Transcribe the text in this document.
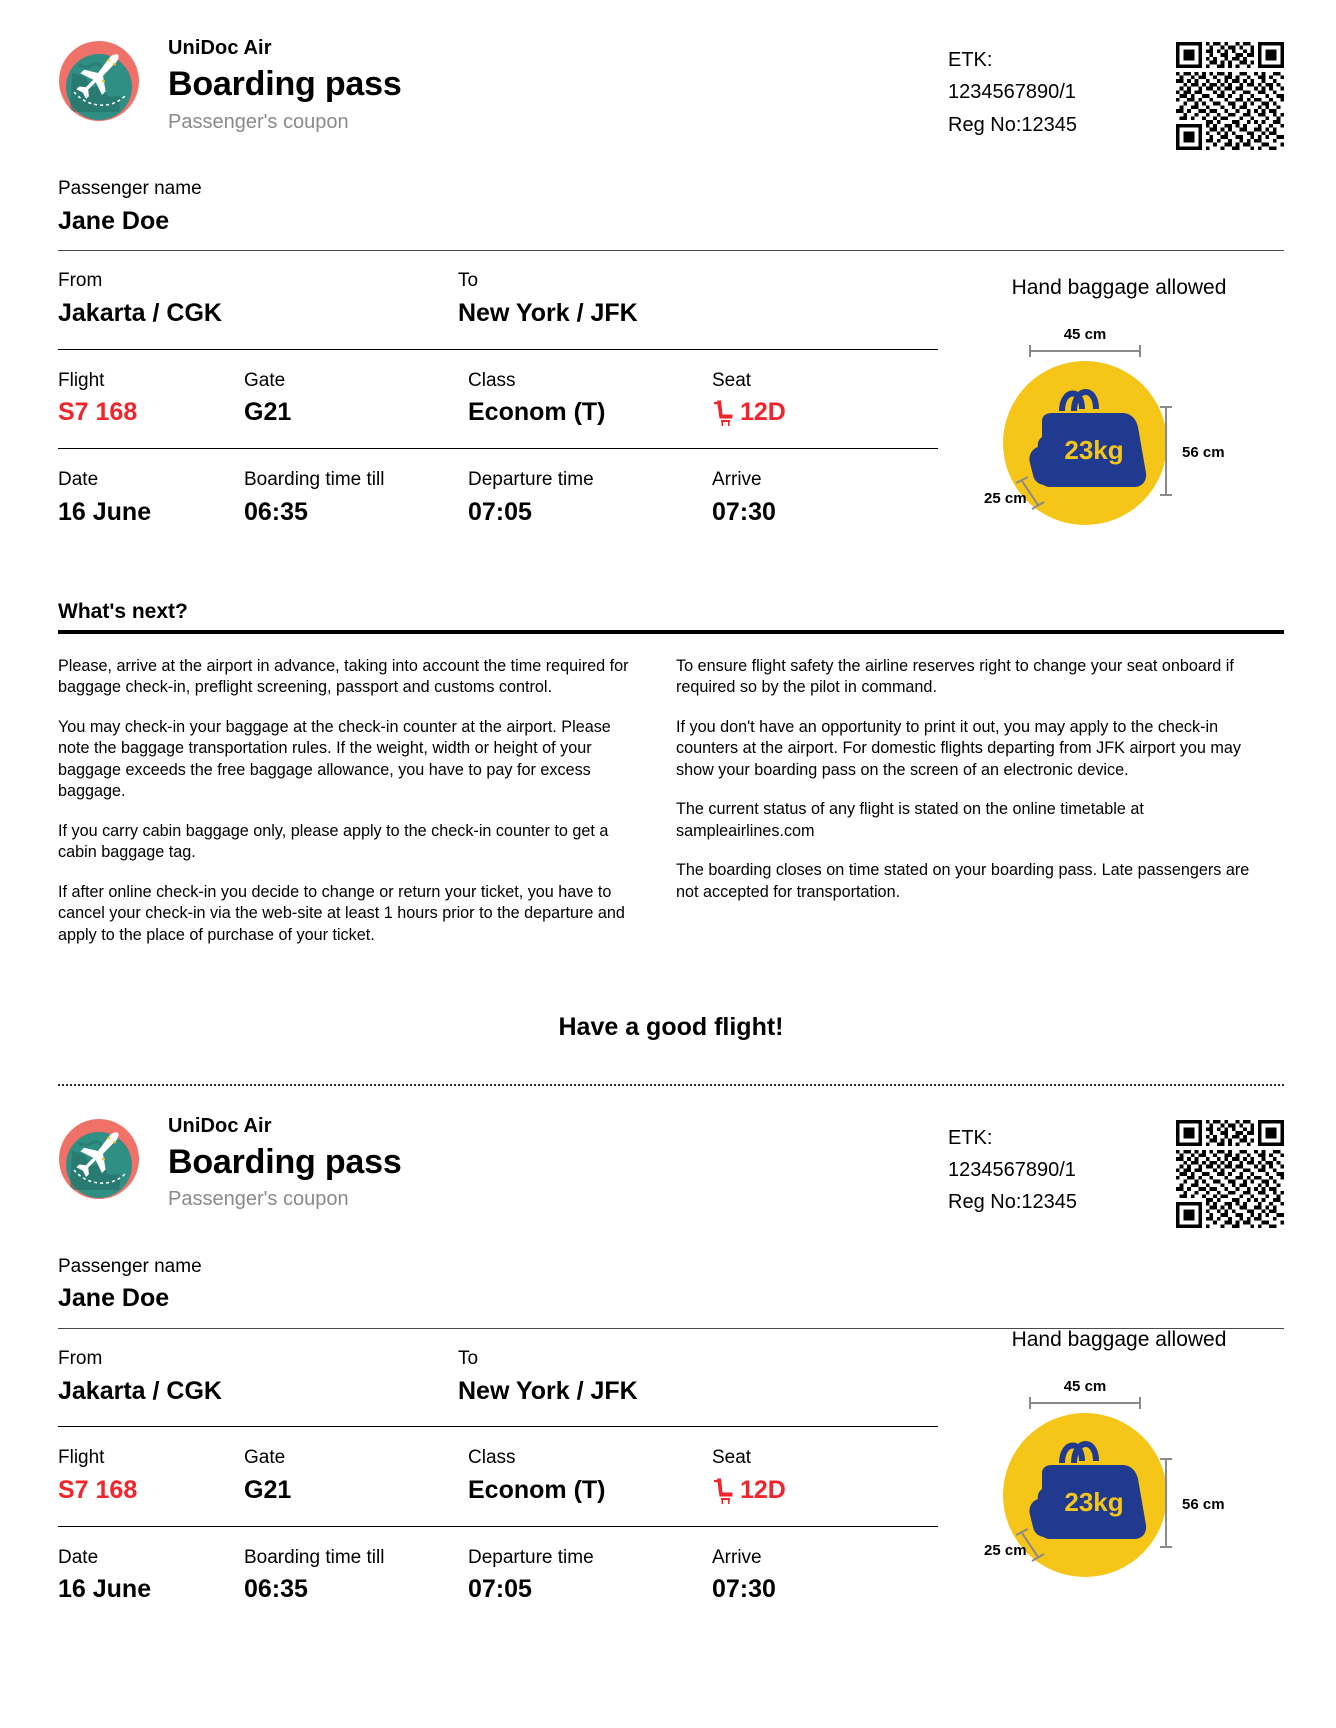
UniDoc Air
Boarding pass
Passenger's coupon
ETK:
1234567890/1
Reg No:12345
Passenger name
Jane Doe
From
Jakarta / CGK
To
New York / JFK
Flight
S7 168
Gate
G21
Class
Econom (T)
Seat
12D
Date
16 June
Boarding time till
06:35
Departure time
07:05
Arrive
07:30
Hand baggage allowed
45 cm
23kg	56 cm
25 cm
What's next?

Please, arrive at the airport in advance, taking into account the time required for baggage check-in, preflight screening, passport and customs control.

You may check-in your baggage at the check-in counter at the airport. Please note the baggage transportation rules. If the weight, width or height of your baggage exceeds the free baggage allowance, you have to pay for excess baggage.

If you carry cabin baggage only, please apply to the check-in counter to get a cabin baggage tag.

If after online check-in you decide to change or return your ticket, you have to cancel your check-in via the web-site at least 1 hours prior to the departure and apply to the place of purchase of your ticket.

To ensure flight safety the airline reserves right to change your seat onboard if required so by the pilot in command.

If you don't have an opportunity to print it out, you may apply to the check-in counters at the airport. For domestic flights departing from JFK airport you may show your boarding pass on the screen of an electronic device.

The current status of any flight is stated on the online timetable at sampleairlines.com

The boarding closes on time stated on your boarding pass. Late passengers are not accepted for transportation.

Have a good flight!
UniDoc Air
Boarding pass
Passenger's coupon
ETK:
1234567890/1
Reg No:12345
Passenger name
Jane Doe
From
Jakarta / CGK
To
New York / JFK
Flight
S7 168
Gate
G21
Class
Econom (T)
Seat
12D
Date
16 June
Boarding time till
06:35
Departure time
07:05
Arrive
07:30
Hand baggage allowed
45 cm
23kg	56 cm
25 cm
